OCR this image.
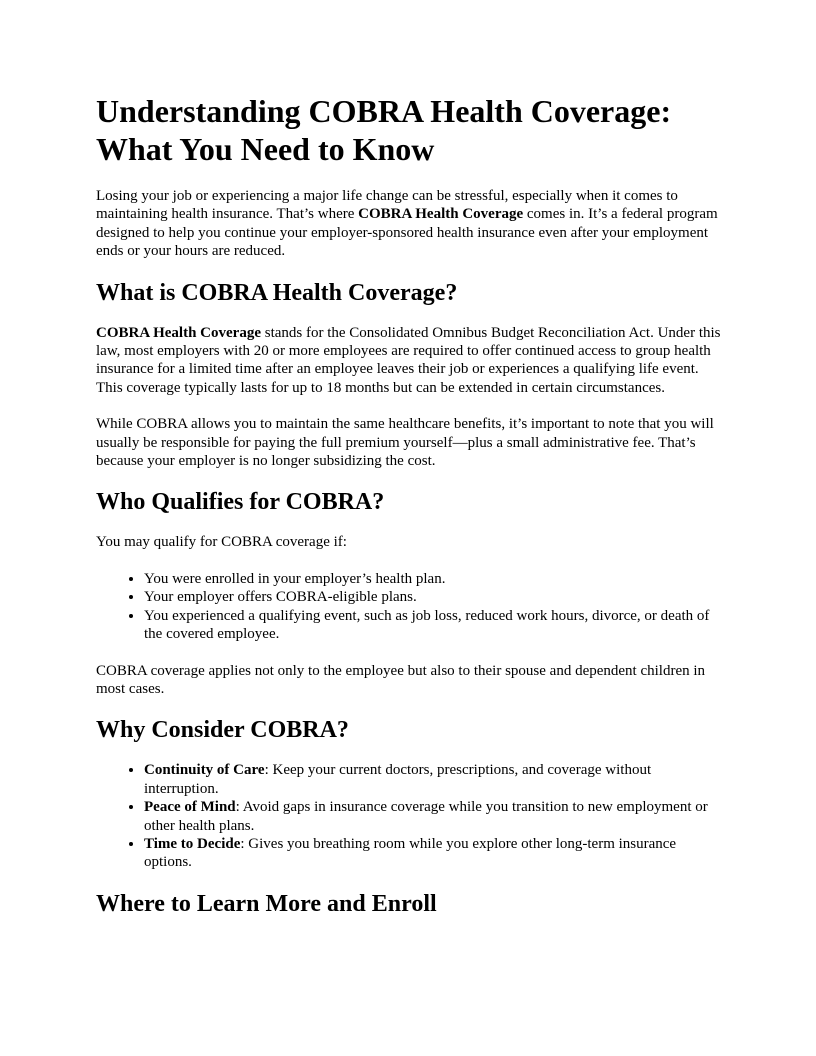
Understanding COBRA Health Coverage: What You Need to Know

Losing your job or experiencing a major life change can be stressful, especially when it comes to maintaining health insurance. That’s where COBRA Health Coverage comes in. It’s a federal program designed to help you continue your employer-sponsored health insurance even after your employment ends or your hours are reduced.

What is COBRA Health Coverage?

COBRA Health Coverage stands for the Consolidated Omnibus Budget Reconciliation Act. Under this law, most employers with 20 or more employees are required to offer continued access to group health insurance for a limited time after an employee leaves their job or experiences a qualifying life event. This coverage typically lasts for up to 18 months but can be extended in certain circumstances.

While COBRA allows you to maintain the same healthcare benefits, it’s important to note that you will usually be responsible for paying the full premium yourself—plus a small administrative fee. That’s because your employer is no longer subsidizing the cost.

Who Qualifies for COBRA?

You may qualify for COBRA coverage if:

• You were enrolled in your employer’s health plan.
• Your employer offers COBRA-eligible plans.
• You experienced a qualifying event, such as job loss, reduced work hours, divorce, or death of the covered employee.

COBRA coverage applies not only to the employee but also to their spouse and dependent children in most cases.

Why Consider COBRA?
• Continuity of Care: Keep your current doctors, prescriptions, and coverage without interruption.
• Peace of Mind: Avoid gaps in insurance coverage while you transition to new employment or other health plans.
• Time to Decide: Gives you breathing room while you explore other long-term insurance options.
Where to Learn More and Enroll
